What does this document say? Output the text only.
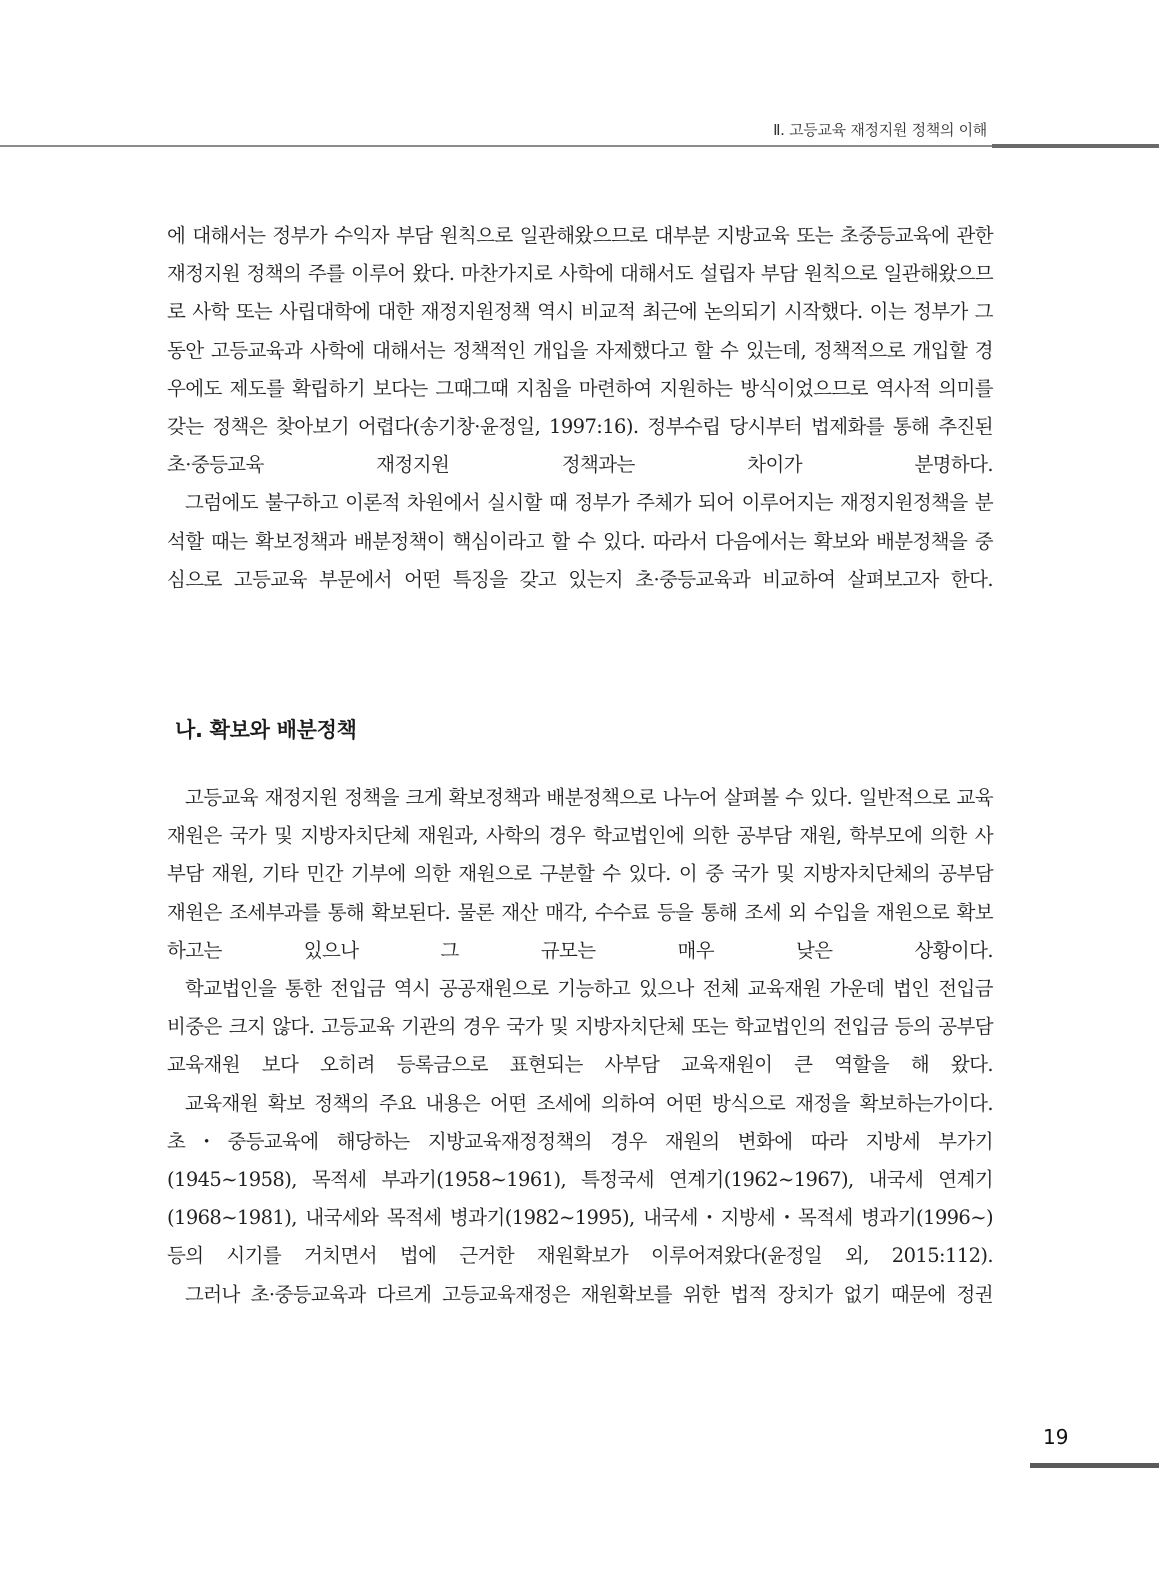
Ⅱ. 고등교육 재정지원 정책의 이해

에 대해서는 정부가 수익자 부담 원칙으로 일관해왔으므로 대부분 지방교육 또는 초중등교육에 관한 재정지원 정책의 주를 이루어 왔다. 마찬가지로 사학에 대해서도 설립자 부담 원칙으로 일관해왔으므로 사학 또는 사립대학에 대한 재정지원정책 역시 비교적 최근에 논의되기 시작했다. 이는 정부가 그동안 고등교육과 사학에 대해서는 정책적인 개입을 자제했다고 할 수 있는데, 정책적으로 개입할 경우에도 제도를 확립하기 보다는 그때그때 지침을 마련하여 지원하는 방식이었으므로 역사적 의미를 갖는 정책은 찾아보기 어렵다(송기창·윤정일, 1997:16). 정부수립 당시부터 법제화를 통해 추진된 초·중등교육 재정지원 정책과는 차이가 분명하다.

그럼에도 불구하고 이론적 차원에서 실시할 때 정부가 주체가 되어 이루어지는 재정지원정책을 분석할 때는 확보정책과 배분정책이 핵심이라고 할 수 있다. 따라서 다음에서는 확보와 배분정책을 중심으로 고등교육 부문에서 어떤 특징을 갖고 있는지 초·중등교육과 비교하여 살펴보고자 한다.

나. 확보와 배분정책

고등교육 재정지원 정책을 크게 확보정책과 배분정책으로 나누어 살펴볼 수 있다. 일반적으로 교육재원은 국가 및 지방자치단체 재원과, 사학의 경우 학교법인에 의한 공부담 재원, 학부모에 의한 사부담 재원, 기타 민간 기부에 의한 재원으로 구분할 수 있다. 이 중 국가 및 지방자치단체의 공부담 재원은 조세부과를 통해 확보된다. 물론 재산 매각, 수수료 등을 통해 조세 외 수입을 재원으로 확보하고는 있으나 그 규모는 매우 낮은 상황이다.

학교법인을 통한 전입금 역시 공공재원으로 기능하고 있으나 전체 교육재원 가운데 법인 전입금 비중은 크지 않다. 고등교육 기관의 경우 국가 및 지방자치단체 또는 학교법인의 전입금 등의 공부담 교육재원 보다 오히려 등록금으로 표현되는 사부담 교육재원이 큰 역할을 해 왔다.

교육재원 확보 정책의 주요 내용은 어떤 조세에 의하여 어떤 방식으로 재정을 확보하는가이다. 초・중등교육에 해당하는 지방교육재정정책의 경우 재원의 변화에 따라 지방세 부가기(1945∼1958), 목적세 부과기(1958∼1961), 특정국세 연계기(1962∼1967), 내국세 연계기(1968∼1981), 내국세와 목적세 병과기(1982∼1995), 내국세・지방세・목적세 병과기(1996∼) 등의 시기를 거치면서 법에 근거한 재원확보가 이루어져왔다(윤정일 외, 2015:112).

그러나 초·중등교육과 다르게 고등교육재정은 재원확보를 위한 법적 장치가 없기 때문에 정권

19
